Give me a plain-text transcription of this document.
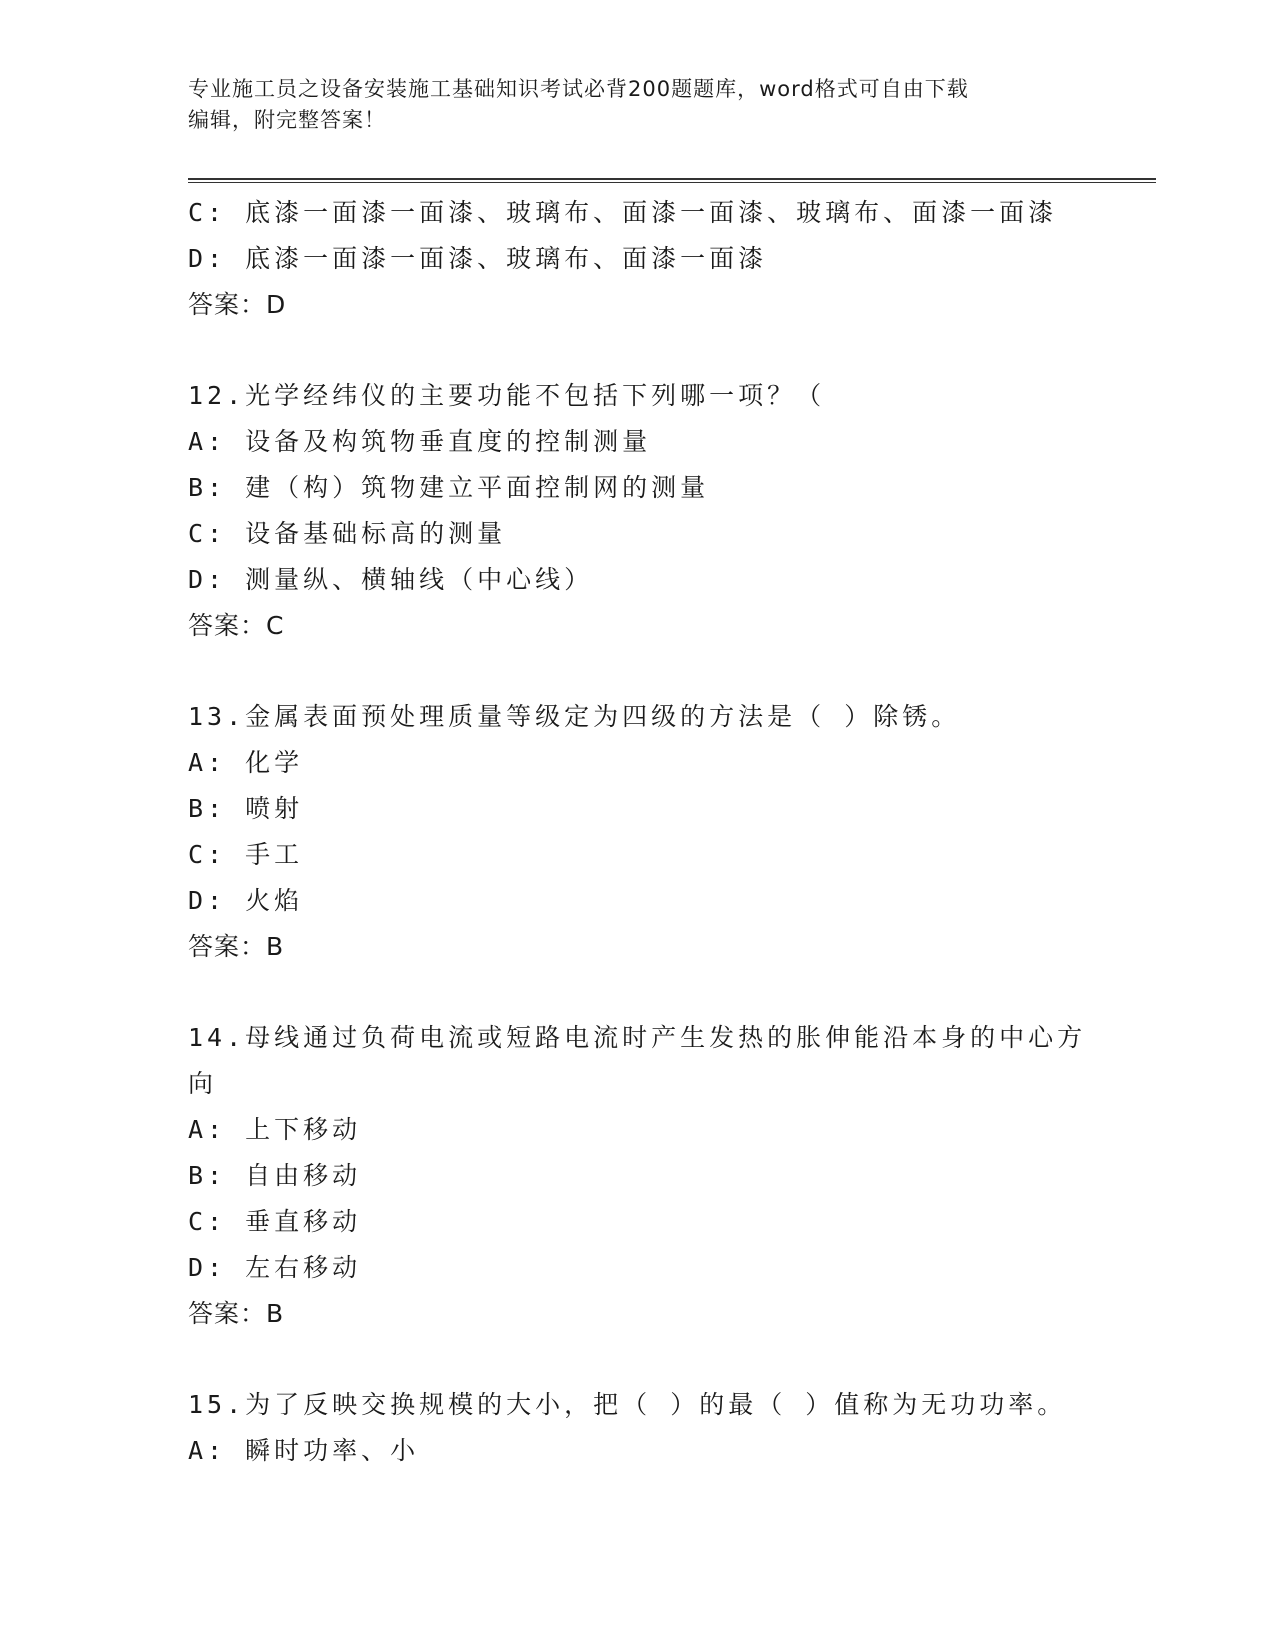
专业施工员之设备安装施工基础知识考试必背200题题库，word格式可自由下载
编辑，附完整答案！
C: 底漆一面漆一面漆、玻璃布、面漆一面漆、玻璃布、面漆一面漆
D: 底漆一面漆一面漆、玻璃布、面漆一面漆
答案：D
12.光学经纬仪的主要功能不包括下列哪一项？（
A: 设备及构筑物垂直度的控制测量
B: 建（构）筑物建立平面控制网的测量
C: 设备基础标高的测量
D: 测量纵、横轴线（中心线）
答案：C
13.金属表面预处理质量等级定为四级的方法是（ ）除锈。
A: 化学
B: 喷射
C: 手工
D: 火焰
答案：B
14.母线通过负荷电流或短路电流时产生发热的胀伸能沿本身的中心方
向
A: 上下移动
B: 自由移动
C: 垂直移动
D: 左右移动
答案：B
15.为了反映交换规模的大小，把（ ）的最（ ）值称为无功功率。
A: 瞬时功率、小
